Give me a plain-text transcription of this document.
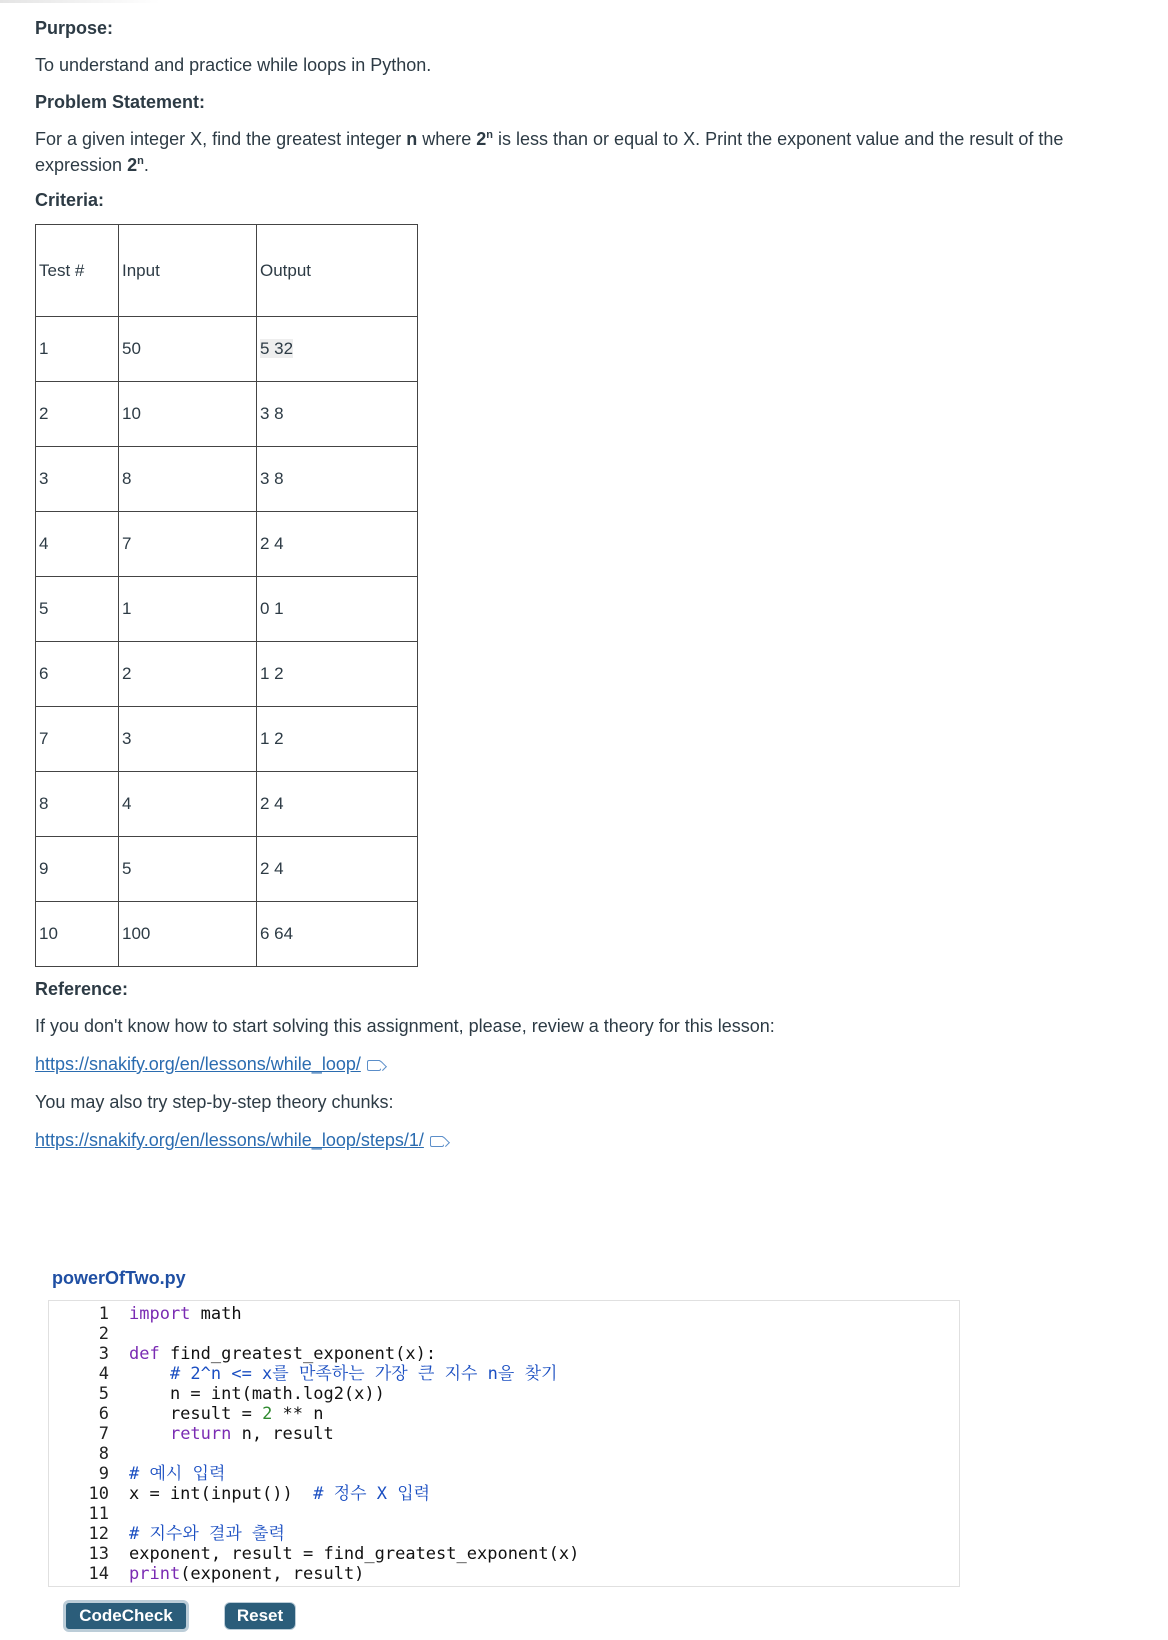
Purpose:

To understand and practice while loops in Python.

Problem Statement:

For a given integer X, find the greatest integer n where 2$^n$ is less than or equal to X. Print the exponent value and the result of the expression 2$^n$.

Criteria:

Test #	Input	Output
1	50	5 32
2	10	3 8
3	8	3 8
4	7	2 4
5	1	0 1
6	2	1 2
7	3	1 2
8	4	2 4
9	5	2 4
10	100	6 64

Reference:

If you don't know how to start solving this assignment, please, review a theory for this lesson:

https://snakify.org/en/lessons/while_loop/

You may also try step-by-step theory chunks:

https://snakify.org/en/lessons/while_loop/steps/1/

powerOfTwo.py
1 import math
2
3 def find_greatest_exponent(x):
4    # 2^n <= x를 만족하는 가장 큰 지수 n을 찾기
5    n = int(math.log2(x))
6    result = 2 ** n
7	return n, result
8
9 # 예시 입력
10 x = int(input())  # 정수 X 입력
11
12 # 지수와 결과 출력
13 exponent, result = find_greatest_exponent(x)
14 print(exponent, result)
CodeCheck	Reset
